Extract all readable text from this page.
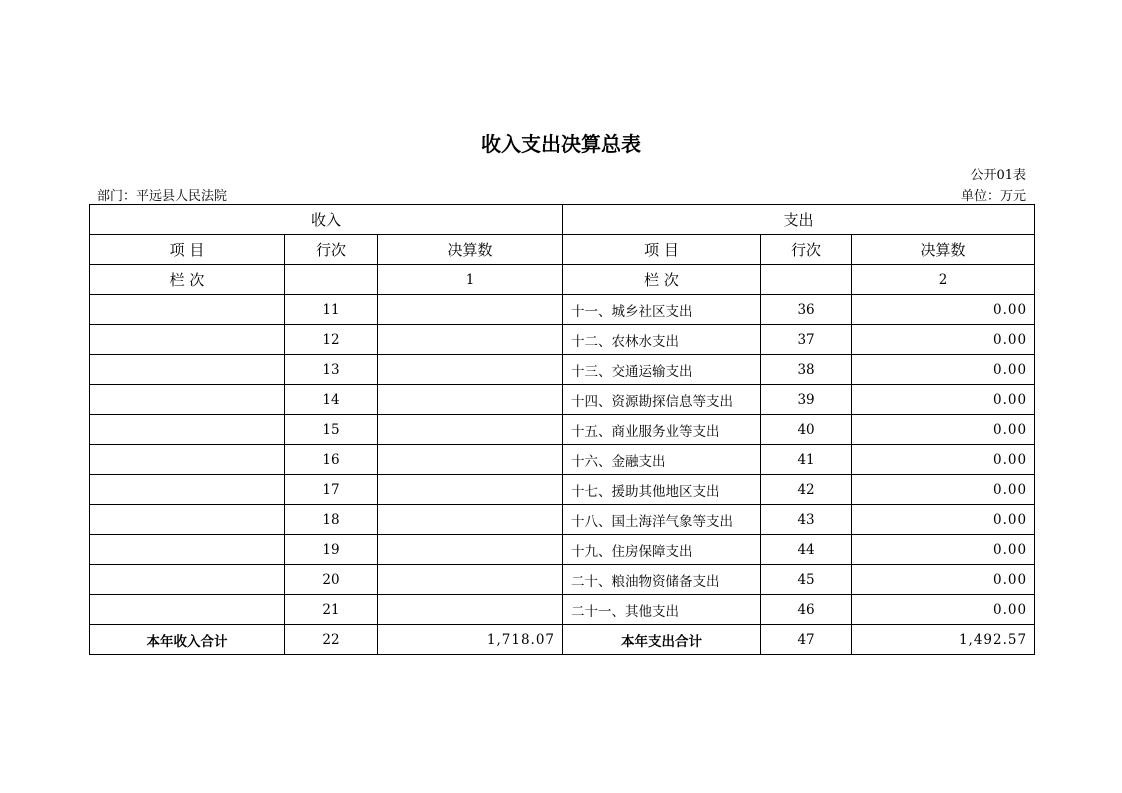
收入支出决算总表
公开01表
部门：平远县人民法院	单位：万元
收入			支出		
项 目	行次	决算数	项 目	行次	决算数
栏 次		1	栏 次		2
	11		十一、城乡社区支出	36	0.00
	12		十二、农林水支出	37	0.00
	13		十三、交通运输支出	38	0.00
	14		十四、资源勘探信息等支出	39	0.00
	15		十五、商业服务业等支出	40	0.00
	16		十六、金融支出	41	0.00
	17		十七、援助其他地区支出	42	0.00
	18		十八、国土海洋气象等支出	43	0.00
	19		十九、住房保障支出	44	0.00
	20		二十、粮油物资储备支出	45	0.00
	21		二十一、其他支出	46	0.00
本年收入合计	22	1,718.07	本年支出合计	47	1,492.57
